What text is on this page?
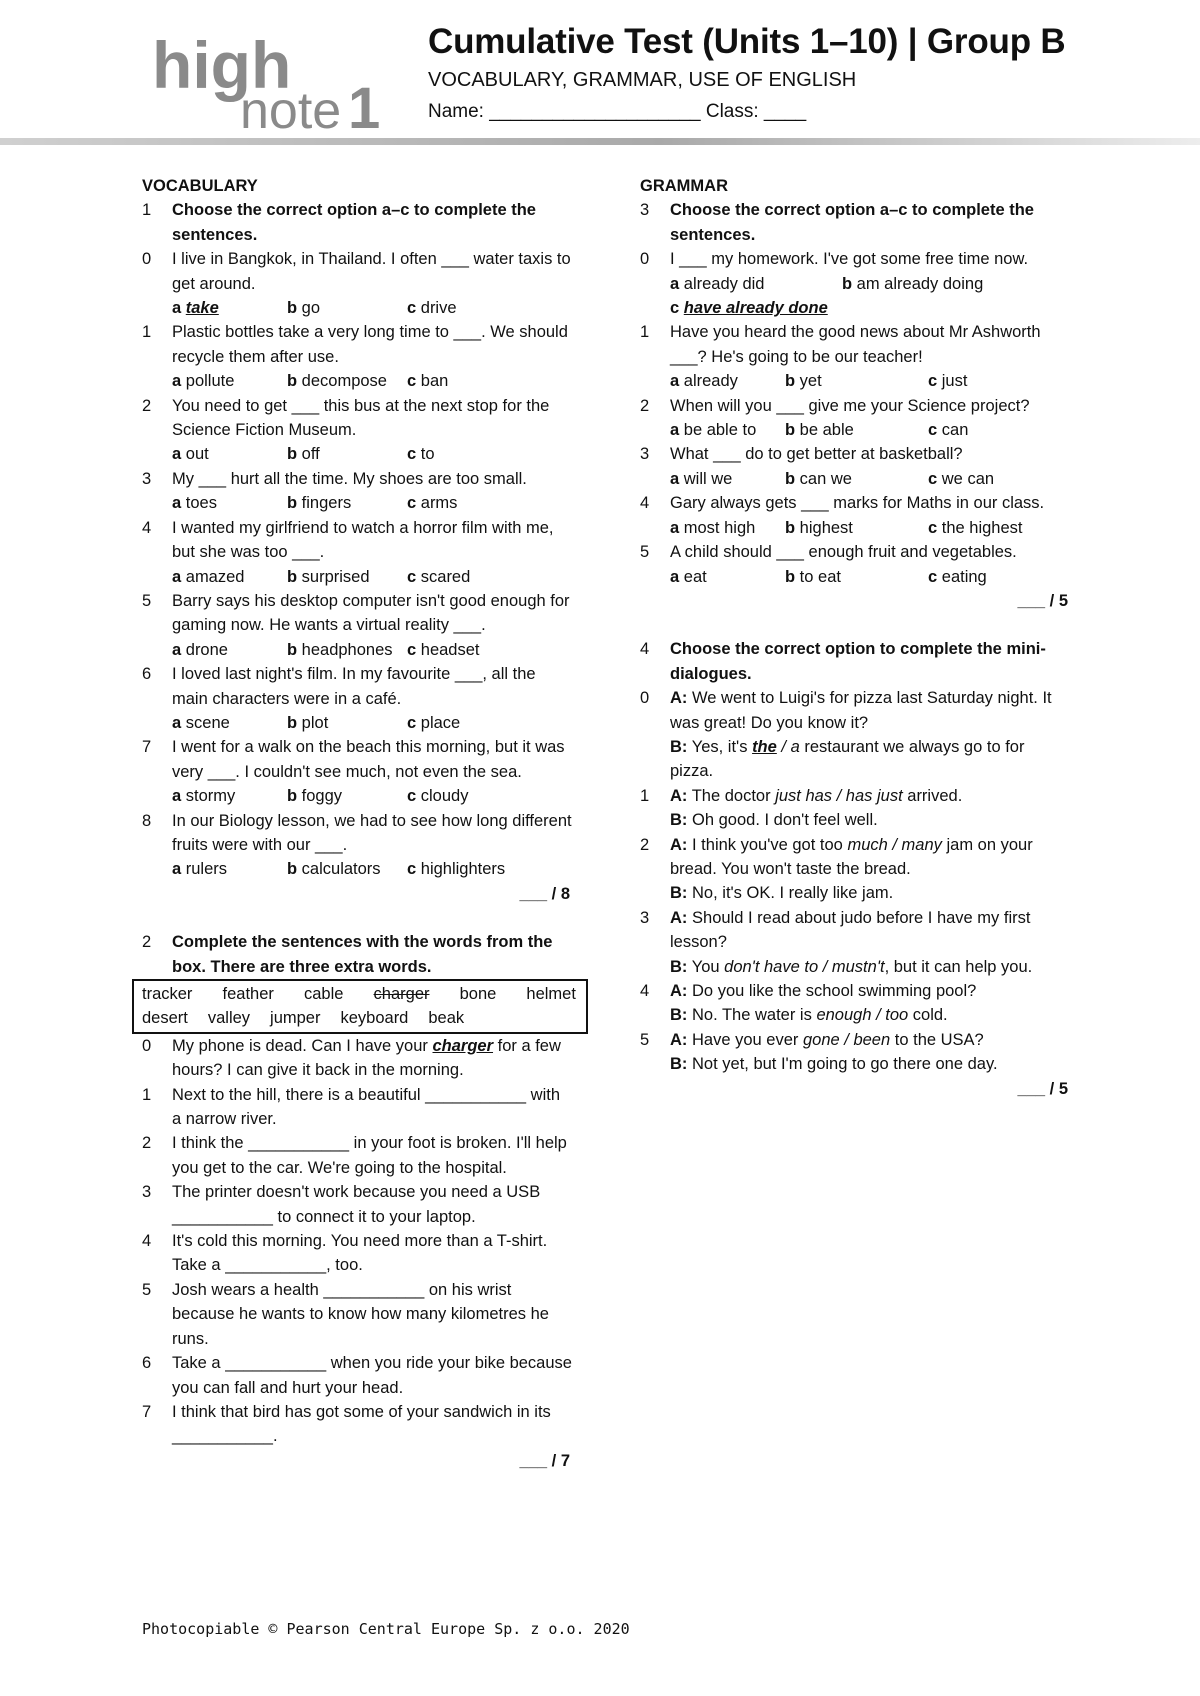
high
note 1
Cumulative Test (Units 1–10) | Group B
VOCABULARY, GRAMMAR, USE OF ENGLISH
Name: ____________________ Class: ____
VOCABULARY
1	Choose the correct option a–c to complete the sentences.
0	I live in Bangkok, in Thailand. I often ___ water taxis to get around.
a take	b go	c drive
1	Plastic bottles take a very long time to ___. We should recycle them after use.
a pollute	b decompose	c ban
2	You need to get ___ this bus at the next stop for the Science Fiction Museum.
a out	b off	c to
3	My ___ hurt all the time. My shoes are too small.
a toes	b fingers	c arms
4	I wanted my girlfriend to watch a horror film with me, but she was too ___.
a amazed	b surprised	c scared
5	Barry says his desktop computer isn't good enough for gaming now. He wants a virtual reality ___.
a drone	b headphones c headset
6	I loved last night's film. In my favourite ___, all the main characters were in a café.
a scene	b plot	c place
7	I went for a walk on the beach this morning, but it was very ___. I couldn't see much, not even the sea.
a stormy	b foggy	c cloudy
8	In our Biology lesson, we had to see how long different fruits were with our ___.
a rulers	b calculators	c highlighters
___ / 8
2	Complete the sentences with the words from the box. There are three extra words.
tracker feather cable charger bone helmet
desert valley jumper keyboard beak
0	My phone is dead. Can I have your charger for a few hours? I can give it back in the morning.
1	Next to the hill, there is a beautiful ___________ with a narrow river.
2	I think the ___________ in your foot is broken. I'll help you get to the car. We're going to the hospital.
3	The printer doesn't work because you need a USB ___________ to connect it to your laptop.
4	It's cold this morning. You need more than a T-shirt. Take a ___________, too.
5	Josh wears a health ___________ on his wrist because he wants to know how many kilometres he runs.
6	Take a ___________ when you ride your bike because you can fall and hurt your head.
7	I think that bird has got some of your sandwich in its ___________.
___ / 7
GRAMMAR
3	Choose the correct option a–c to complete the sentences.
0	I ___ my homework. I've got some free time now.
a already did	b am already doing
c have already done
1	Have you heard the good news about Mr Ashworth ___? He's going to be our teacher!
a already	b yet	c just
2	When will you ___ give me your Science project?
a be able to	b be able	c can
3	What ___ do to get better at basketball?
a will we	b can we	c we can
4	Gary always gets ___ marks for Maths in our class.
a most high	b highest	c the highest
5	A child should ___ enough fruit and vegetables.
a eat	b to eat	c eating
___ / 5
4	Choose the correct option to complete the mini-dialogues.
0	A: We went to Luigi's for pizza last Saturday night. It was great! Do you know it?
B: Yes, it's the / a restaurant we always go to for pizza.
1	A: The doctor just has / has just arrived.
B: Oh good. I don't feel well.
2	A: I think you've got too much / many jam on your bread. You won't taste the bread.
B: No, it's OK. I really like jam.
3	A: Should I read about judo before I have my first lesson?
B: You don't have to / mustn't, but it can help you.
4	A: Do you like the school swimming pool?
B: No. The water is enough / too cold.
5	A: Have you ever gone / been to the USA?
B: Not yet, but I'm going to go there one day.
___ / 5
Photocopiable © Pearson Central Europe Sp. z o.o. 2020
